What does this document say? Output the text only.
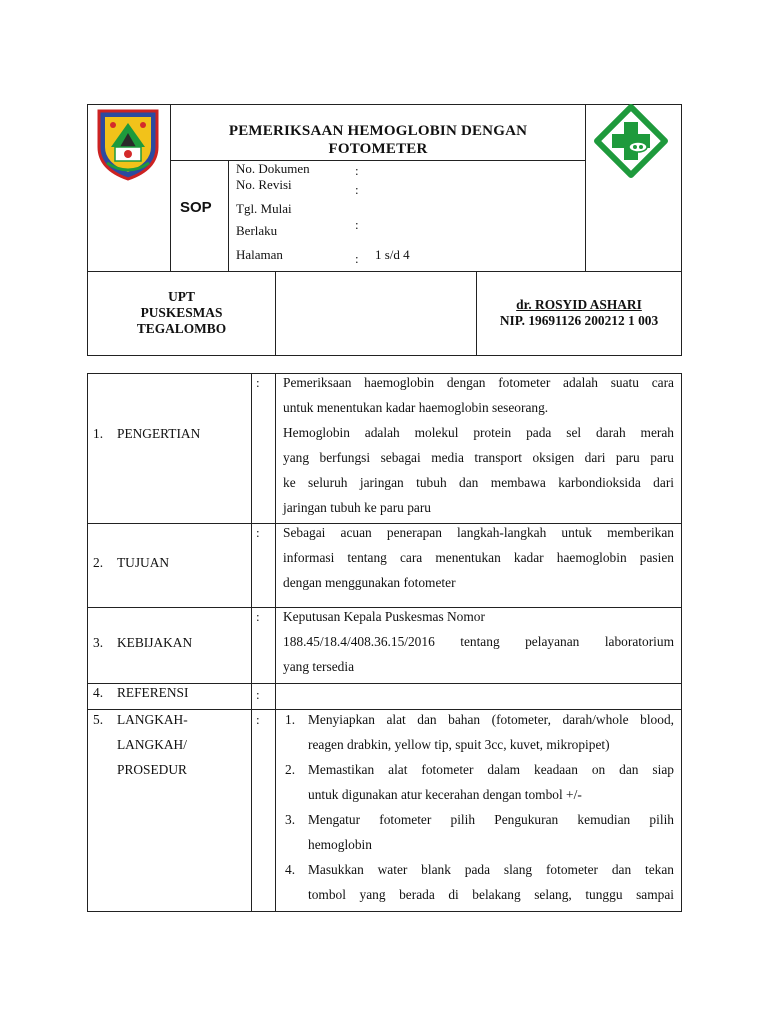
PEMERIKSAAN HEMOGLOBIN DENGAN
FOTOMETER
SOP
No. Dokumen
No. Revisi
Tgl. Mulai
Berlaku
Halaman
:
:
:
: 1 s/d 4
UPT
PUSKESMAS
TEGALOMBO
dr. ROSYID ASHARI
NIP. 19691126 200212 1 003
1. PENGERTIAN
: Pemeriksaan haemoglobin dengan fotometer adalah suatu cara
untuk menentukan kadar haemoglobin seseorang.
Hemoglobin adalah molekul protein pada sel darah merah
yang berfungsi sebagai media transport oksigen dari paru paru
ke seluruh jaringan tubuh dan membawa karbondioksida dari
jaringan tubuh ke paru paru
2. TUJUAN
: Sebagai acuan penerapan langkah-langkah untuk memberikan
informasi tentang cara menentukan kadar haemoglobin pasien
dengan menggunakan fotometer
3. KEBIJAKAN
: Keputusan Kepala Puskesmas Nomor
188.45/18.4/408.36.15/2016 tentang pelayanan laboratorium
yang tersedia
4. REFERENSI	:
5. LANGKAH-
LANGKAH/
PROSEDUR
: 1. Menyiapkan alat dan bahan (fotometer, darah/whole blood,
reagen drabkin, yellow tip, spuit 3cc, kuvet, mikropipet)
2. Memastikan alat fotometer dalam keadaan on dan siap
untuk digunakan atur kecerahan dengan tombol +/-
3. Mengatur fotometer pilih Pengukuran kemudian pilih
hemoglobin
4. Masukkan water blank pada slang fotometer dan tekan
tombol yang berada di belakang selang, tunggu sampai
